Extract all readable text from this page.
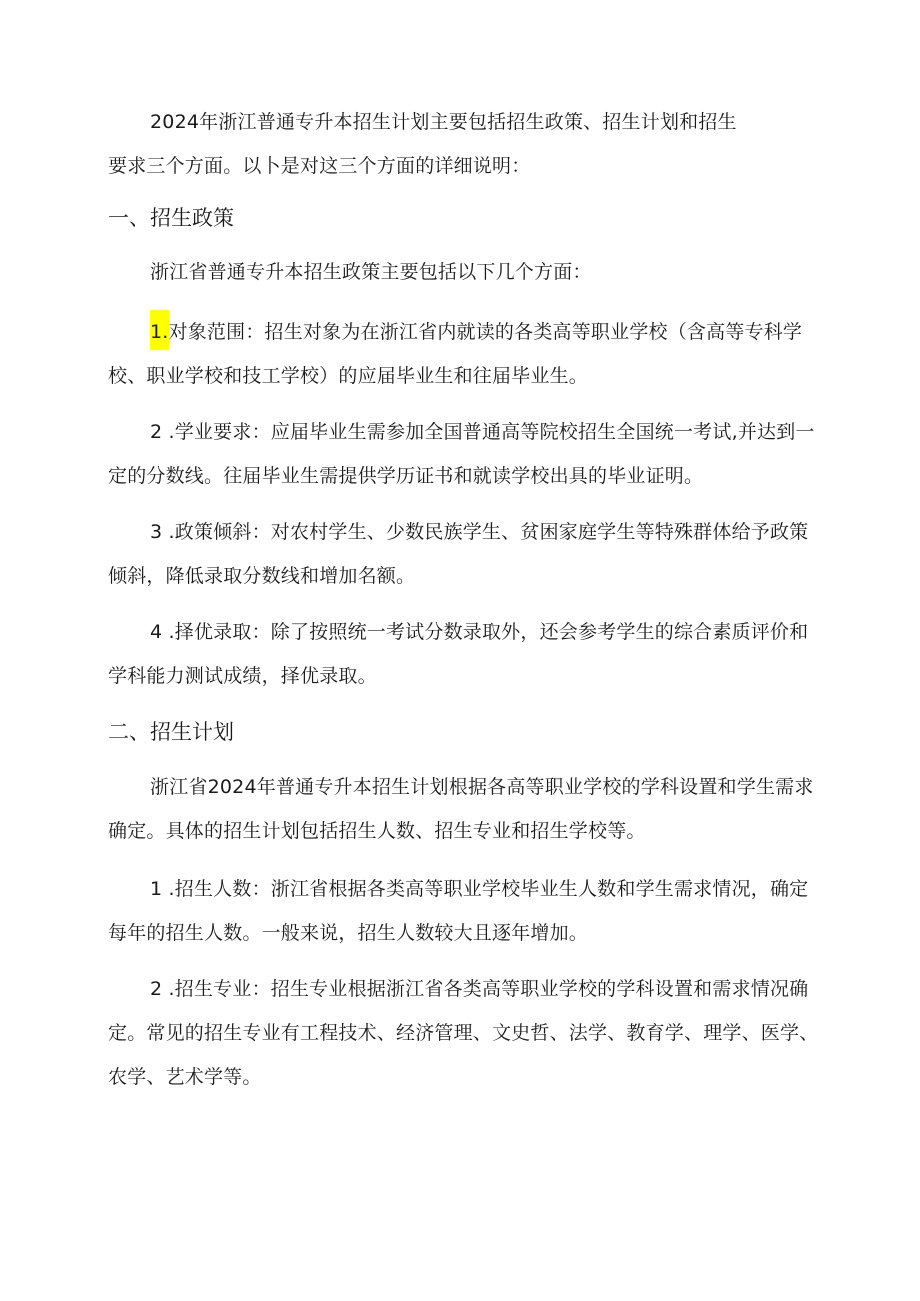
2024年浙江普通专升本招生计划主要包括招生政策、招生计划和招生要求三个方面。以卜是对这三个方面的详细说明：

一、招生政策

浙江省普通专升本招生政策主要包括以下几个方面：

1.对象范围：招生对象为在浙江省内就读的各类高等职业学校（含高等专科学校、职业学校和技工学校）的应届毕业生和往届毕业生。

2 .学业要求：应届毕业生需参加全国普通高等院校招生全国统一考试,并达到一定的分数线。往届毕业生需提供学历证书和就读学校出具的毕业证明。

3 .政策倾斜：对农村学生、少数民族学生、贫困家庭学生等特殊群体给予政策倾斜，降低录取分数线和增加名额。

4 .择优录取：除了按照统一考试分数录取外，还会参考学生的综合素质评价和学科能力测试成绩，择优录取。

二、招生计划

浙江省2024年普通专升本招生计划根据各高等职业学校的学科设置和学生需求确定。具体的招生计划包括招生人数、招生专业和招生学校等。

1 .招生人数：浙江省根据各类高等职业学校毕业生人数和学生需求情况，确定每年的招生人数。一般来说，招生人数较大且逐年增加。

2 .招生专业：招生专业根据浙江省各类高等职业学校的学科设置和需求情况确定。常见的招生专业有工程技术、经济管理、文史哲、法学、教育学、理学、医学、农学、艺术学等。
